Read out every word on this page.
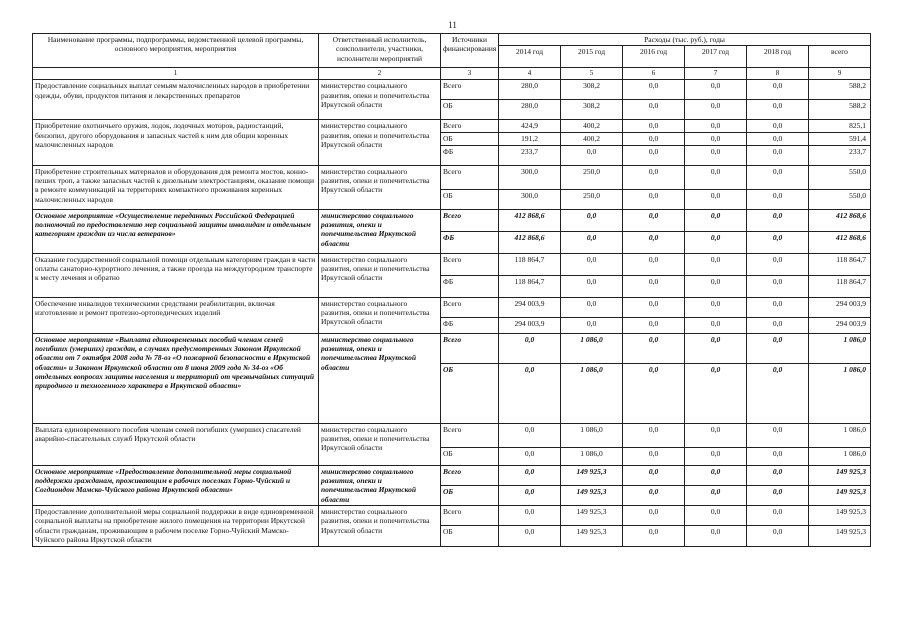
11
Наименование программы, подпрограммы, ведомственной целевой программы, основного мероприятия, мероприятия	Ответственный исполнитель, соисполнители, участники, исполнители мероприятий	Источники финансирования	Расходы (тыс. руб.), годы					
			2014 год	2015 год	2016 год	2017 год	2018 год	всего
1	2	3	4	5	6	7	8	9
Предоставление социальных выплат семьям малочисленных народов в приобретении одежды, обуви, продуктов питания и лекарственных препаратов	министерство социального развития, опеки и попечительства Иркутской области	Всего	280,0	308,2	0,0	0,0	0,0	588,2
		ОБ	280,0	308,2	0,0	0,0	0,0	588,2
Приобретение охотничьего оружия, лодок, лодочных моторов, радиостанций, бензопил, другого оборудования и запасных частей к ним для общин коренных малочисленных народов	министерство социального развития, опеки и попечительства Иркутской области	Всего	424,9	400,2	0,0	0,0	0,0	825,1
		ОБ	191,2	400,2	0,0	0,0	0,0	591,4
		ФБ	233,7	0,0	0,0	0,0	0,0	233,7
Приобретение строительных материалов и оборудования для ремонта мостов, конно-пеших троп, а также запасных частей к дизельным электростанциям, оказание помощи в ремонте коммуникаций на территориях компактного проживания коренных малочисленных народов	министерство социального развития, опеки и попечительства Иркутской области	Всего	300,0	250,0	0,0	0,0	0,0	550,0
		ОБ	300,0	250,0	0,0	0,0	0,0	550,0
Основное мероприятие «Осуществление переданных Российской Федерацией полномочий по предоставлению мер социальной защиты инвалидам и отдельным категориям граждан из числа ветеранов»	министерство социального развития, опеки и попечительства Иркутской области	Всего	412 868,6	0,0	0,0	0,0	0,0	412 868,6
		ФБ	412 868,6	0,0	0,0	0,0	0,0	412 868,6
Оказание государственной социальной помощи отдельным категориям граждан в части оплаты санаторно-курортного лечения, а также проезда на междугородном транспорте к месту лечения и обратно	министерство социального развития, опеки и попечительства Иркутской области	Всего	118 864,7	0,0	0,0	0,0	0,0	118 864,7
		ФБ	118 864,7	0,0	0,0	0,0	0,0	118 864,7
Обеспечение инвалидов техническими средствами реабилитации, включая изготовление и ремонт протезно-ортопедических изделий	министерство социального развития, опеки и попечительства Иркутской области	Всего	294 003,9	0,0	0,0	0,0	0,0	294 003,9
		ФБ	294 003,9	0,0	0,0	0,0	0,0	294 003,9
Основное мероприятие «Выплата единовременных пособий членам семей погибших (умерших) граждан, в случаях предусмотренных Законом Иркутской области от 7 октября 2008 года № 78-оз «О пожарной безопасности в Иркутской области» и Законом Иркутской области от 8 июня 2009 года № 34-оз «Об отдельных вопросах защиты населения и территорий от чрезвычайных ситуаций природного и техногенного характера в Иркутской области»	министерство социального развития, опеки и попечительства Иркутской области	Всего	0,0	1 086,0	0,0	0,0	0,0	1 086,0
		ОБ	0,0	1 086,0	0,0	0,0	0,0	1 086,0
Выплата единовременного пособия членам семей погибших (умерших) спасателей аварийно-спасательных служб Иркутской области	министерство социального развития, опеки и попечительства Иркутской области	Всего	0,0	1 086,0	0,0	0,0	0,0	1 086,0
		ОБ	0,0	1 086,0	0,0	0,0	0,0	1 086,0
Основное мероприятие «Предоставление дополнительной меры социальной поддержки гражданам, проживающим в рабочих поселках Горно-Чуйский и Согдиондон Мамско-Чуйского района Иркутской области»	министерство социального развития, опеки и попечительства Иркутской области	Всего	0,0	149 925,3	0,0	0,0	0,0	149 925,3
		ОБ	0,0	149 925,3	0,0	0,0	0,0	149 925,3
Предоставление дополнительной меры социальной поддержки в виде единовременной социальной выплаты на приобретение жилого помещения на территории Иркутской области гражданам, проживающим в рабочем поселке Горно-Чуйский Мамско-Чуйского района Иркутской области	министерство социального развития, опеки и попечительства Иркутской области	Всего	0,0	149 925,3	0,0	0,0	0,0	149 925,3
		ОБ	0,0	149 925,3	0,0	0,0	0,0	149 925,3
